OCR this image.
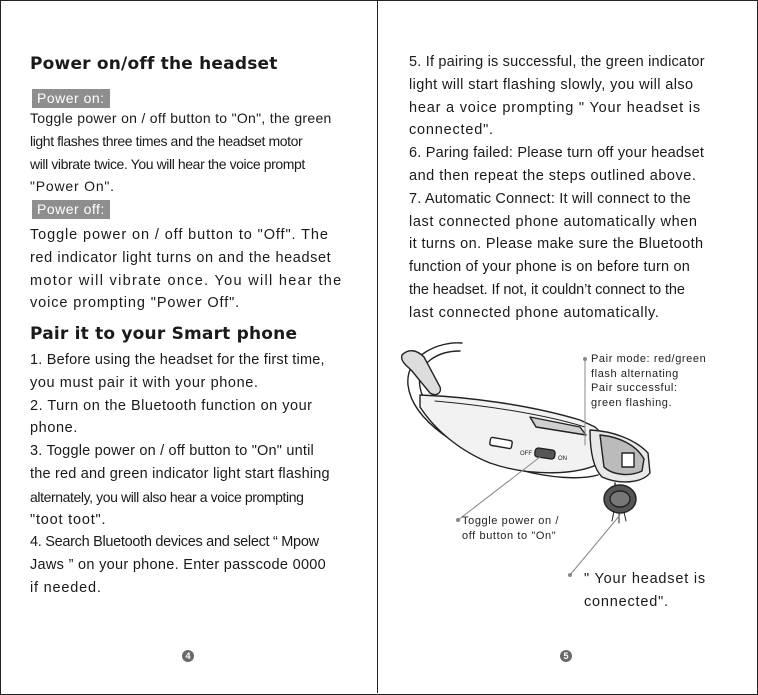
Power on/off the headset
Power on:

Toggle power on / off button to "On", the green

light flashes three times and the headset motor

will vibrate twice. You will hear the voice prompt

"Power On".

Power off:

Toggle power on / off button to "Off". The

red indicator light turns on and the headset

motor will vibrate once. You will hear the

voice prompting "Power Off".

Pair it to your Smart phone

1. Before using the headset for the first time,

you must pair it with your phone.

2. Turn on the Bluetooth function on your

phone.

3. Toggle power on / off button to "On" until

the red and green indicator light start flashing

alternately, you will also hear a voice prompting

"toot toot".

4. Search Bluetooth devices and select “ Mpow

Jaws ” on your phone. Enter passcode 0000

if needed.

4

5. If pairing is successful, the green indicator

light will start flashing slowly, you will also

hear a voice prompting " Your headset is

connected".

6. Paring failed: Please turn off your headset

and then repeat the steps outlined above.

7. Automatic Connect: It will connect to the

last connected phone automatically when

it turns on. Please make sure the Bluetooth

function of your phone is on before turn on

the headset. If not, it couldn’t connect to the

last connected phone automatically.

5
OFF
ON
Pair mode: red/green
flash alternating
Pair successful:
green flashing.
Toggle power on /
off button to "On"
" Your headset is
connected".
